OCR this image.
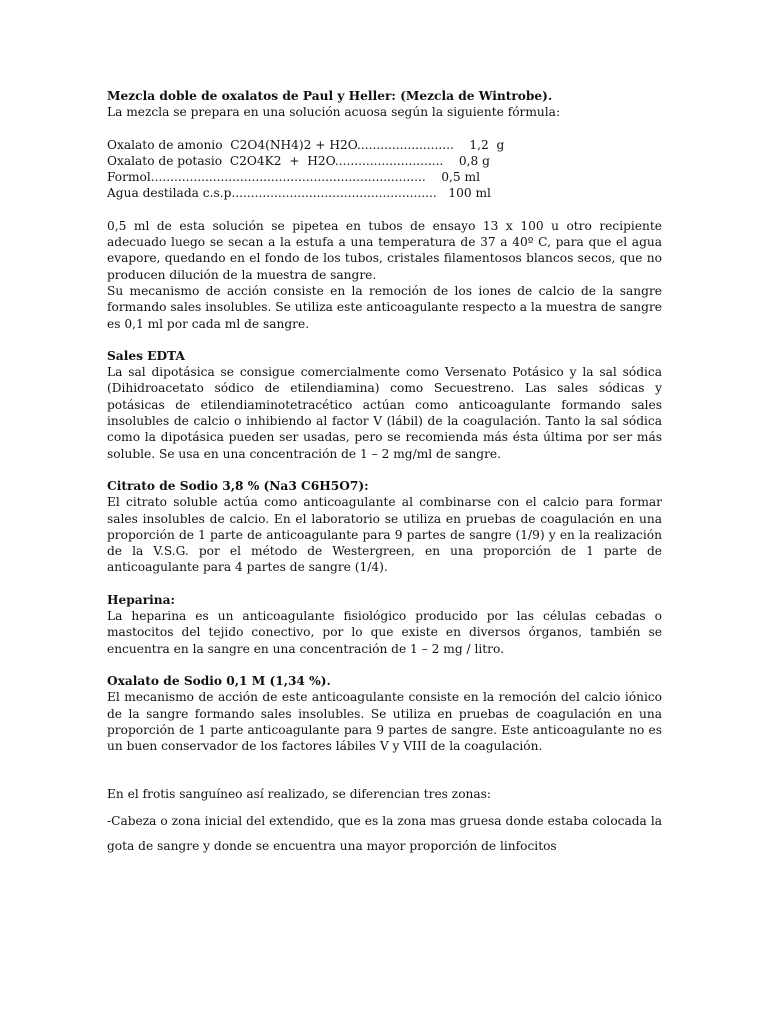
Mezcla doble de oxalatos de Paul y Heller: (Mezcla de Wintrobe).

La mezcla se prepara en una solución acuosa según la siguiente fórmula:

Oxalato de amonio  C2O4(NH4)2 + H2O.........................    1,2  g
Oxalato de potasio  C2O4K2  +  H2O............................    0,8 g
Formol.......................................................................    0,5 ml
Agua destilada c.s.p.....................................................   100 ml

0,5 ml de esta solución se pipetea en tubos de ensayo 13 x 100 u otro recipiente adecuado luego se secan a la estufa a una temperatura de 37 a 40º C, para que el agua evapore, quedando en el fondo de los tubos, cristales filamentosos blancos secos, que no producen dilución de la muestra de sangre.

Su mecanismo de acción consiste en la remoción de los iones de calcio de la sangre formando sales insolubles. Se utiliza este anticoagulante respecto a la muestra de sangre es 0,1 ml por cada ml de sangre.

Sales EDTA

La sal dipotásica se consigue comercialmente como Versenato Potásico y la sal sódica (Dihidroacetato sódico de etilendiamina) como Secuestreno. Las sales sódicas y potásicas de etilendiaminotetracético actúan como anticoagulante formando sales insolubles de calcio o inhibiendo al factor V (lábil) de la coagulación. Tanto la sal sódica como la dipotásica pueden ser usadas, pero se recomienda más ésta última por ser más soluble. Se usa en una concentración de 1 – 2 mg/ml de sangre.

Citrato de Sodio 3,8 % (Na3 C6H5O7):

El citrato soluble actúa como anticoagulante al combinarse con el calcio para formar sales insolubles de calcio. En el laboratorio se utiliza en pruebas de coagulación en una proporción de 1 parte de anticoagulante para 9 partes de sangre (1/9) y en la realización de la V.S.G. por el método de Westergreen, en una proporción de 1 parte de anticoagulante para 4 partes de sangre (1/4).

Heparina:

La heparina es un anticoagulante fisiológico producido por las células cebadas o mastocitos del tejido conectivo, por lo que existe en diversos órganos, también se encuentra en la sangre en una concentración de 1 – 2 mg / litro.

Oxalato de Sodio 0,1 M (1,34 %).

El mecanismo de acción de este anticoagulante consiste en la remoción del calcio iónico de la sangre formando sales insolubles. Se utiliza en pruebas de coagulación en una proporción de 1 parte anticoagulante para 9 partes de sangre. Este anticoagulante no es un buen conservador de los factores lábiles V y VIII de la coagulación.

En el frotis sanguíneo así realizado, se diferencian tres zonas:

-Cabeza o zona inicial del extendido, que es la zona mas gruesa donde estaba colocada la gota de sangre y donde se encuentra una mayor proporción de linfocitos
